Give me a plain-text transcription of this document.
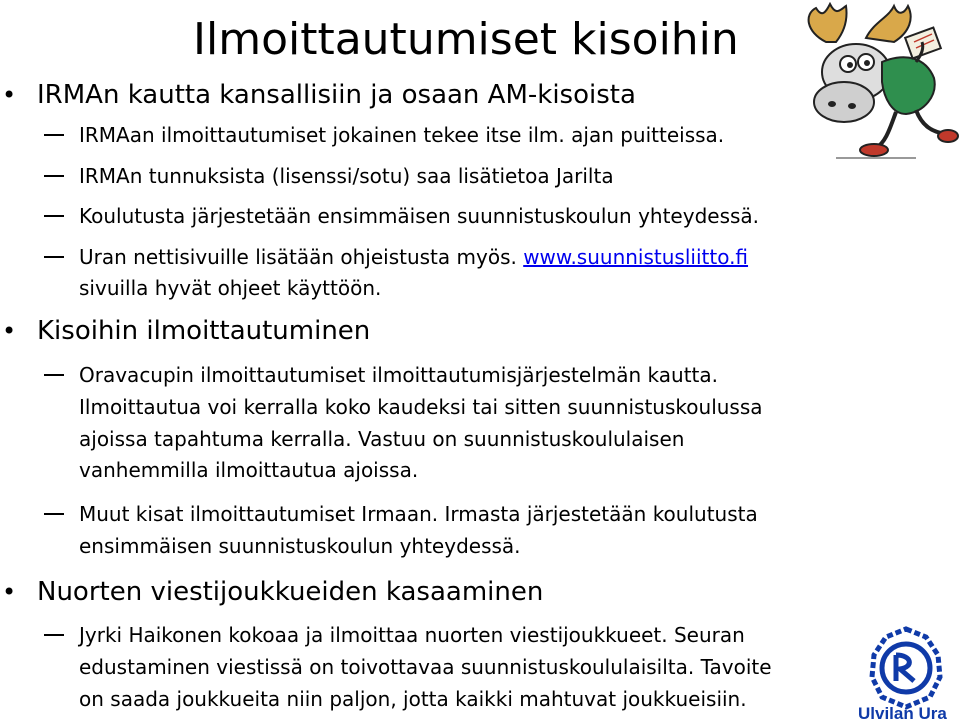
Ilmoittautumiset kisoihin
• IRMAn kautta kansallisiin ja osaan AM-kisoista
IRMAan ilmoittautumiset jokainen tekee itse ilm. ajan puitteissa.
IRMAn tunnuksista (lisenssi/sotu) saa lisätietoa Jarilta
Koulutusta järjestetään ensimmäisen suunnistuskoulun yhteydessä.
Uran nettisivuille lisätään ohjeistusta myös. www.suunnistusliitto.fi
sivuilla hyvät ohjeet käyttöön.
• Kisoihin ilmoittautuminen
Oravacupin ilmoittautumiset ilmoittautumisjärjestelmän kautta.
Ilmoittautua voi kerralla koko kaudeksi tai sitten suunnistuskoulussa
ajoissa tapahtuma kerralla. Vastuu on suunnistuskoululaisen
vanhemmilla ilmoittautua ajoissa.
Muut kisat ilmoittautumiset Irmaan. Irmasta järjestetään koulutusta
ensimmäisen suunnistuskoulun yhteydessä.
• Nuorten viestijoukkueiden kasaaminen
Jyrki Haikonen kokoaa ja ilmoittaa nuorten viestijoukkueet. Seuran
edustaminen viestissä on toivottavaa suunnistuskoululaisilta. Tavoite
on saada joukkueita niin paljon, jotta kaikki mahtuvat joukkueisiin.
Ulvilan Ura
